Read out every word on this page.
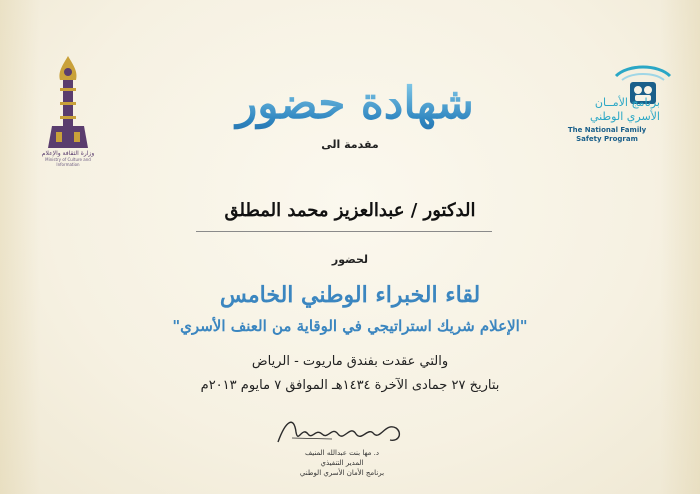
وزارة الثقافة والإعلام
Ministry of Culture and Information
برنامج الأمــان
الأسري الوطني
The National Family
Safety Program
شهادة حضور
مقدمة الى
الدكتور / عبدالعزيز محمد المطلق
لحضور
لقاء الخبراء الوطني الخامس
"الإعلام شريك استراتيجي في الوقاية من العنف الأسري"
والتي عقدت بفندق ماريوت - الرياض
بتاريخ ٢٧ جمادى الآخرة ١٤٣٤هـ الموافق ٧ مايوم ٢٠١٣م
د. مها بنت عبدالله المنيف
المدير التنفيذي
برنامج الأمان الأسري الوطني
